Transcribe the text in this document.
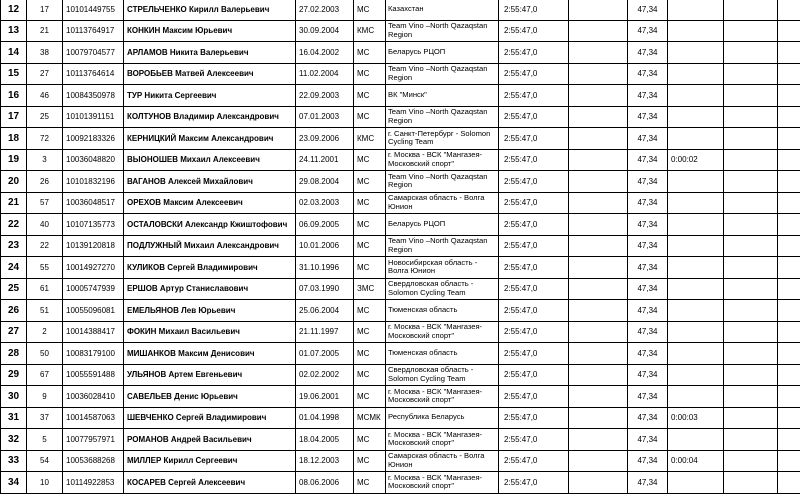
12	17	10101449755	СТРЕЛЬЧЕНКО Кирилл Валерьевич	27.02.2003	МС	Казахстан	2:55:47,0		47,34			
13	21	10113764917	КОНКИН Максим Юрьевич	30.09.2004	КМС	Team Vino –North Qazaqstan Region	2:55:47,0		47,34			
14	38	10079704577	АРЛАМОВ Никита Валерьевич	16.04.2002	МС	Беларусь РЦОП	2:55:47,0		47,34			
15	27	10113764614	ВОРОБЬЕВ Матвей Алексеевич	11.02.2004	МС	Team Vino –North Qazaqstan Region	2:55:47,0		47,34			
16	46	10084350978	ТУР Никита Сергеевич	22.09.2003	МС	ВК "Минск"	2:55:47,0		47,34			
17	25	10101391151	КОЛТУНОВ Владимир Александрович	07.01.2003	МС	Team Vino –North Qazaqstan Region	2:55:47,0		47,34			
18	72	10092183326	КЕРНИЦКИЙ Максим Александрович	23.09.2006	КМС	г. Санкт-Петербург - Solomon Cycling Team	2:55:47,0		47,34			
19	3	10036048820	ВЫОНОШЕВ Михаил Алексеевич	24.11.2001	МС	г. Москва - ВСК "Мангазея-Московский спорт"	2:55:47,0		47,34	0:00:02		
20	26	10101832196	ВАГАНОВ Алексей Михайлович	29.08.2004	МС	Team Vino –North Qazaqstan Region	2:55:47,0		47,34			
21	57	10036048517	ОРЕХОВ Максим Алексеевич	02.03.2003	МС	Самарская область - Волга Юнион	2:55:47,0		47,34			
22	40	10107135773	ОСТАЛОВСКИ Александр Кжиштофович	06.09.2005	МС	Беларусь РЦОП	2:55:47,0		47,34			
23	22	10139120818	ПОДЛУЖНЫЙ Михаил Александрович	10.01.2006	МС	Team Vino –North Qazaqstan Region	2:55:47,0		47,34			
24	55	10014927270	КУЛИКОВ Сергей Владимирович	31.10.1996	МС	Новосибирская область - Волга Юнион	2:55:47,0		47,34			
25	61	10005747939	ЕРШОВ Артур Станиславович	07.03.1990	ЗМС	Свердловская область - Solomon Cycling Team	2:55:47,0		47,34			
26	51	10055096081	ЕМЕЛЬЯНОВ Лев Юрьевич	25.06.2004	МС	Тюменская область	2:55:47,0		47,34			
27	2	10014388417	ФОКИН Михаил Васильевич	21.11.1997	МС	г. Москва - ВСК "Мангазея-Московский спорт"	2:55:47,0		47,34			
28	50	10083179100	МИШАНКОВ Максим Денисович	01.07.2005	МС	Тюменская область	2:55:47,0		47,34			
29	67	10055591488	УЛЬЯНОВ Артем Евгеньевич	02.02.2002	МС	Свердловская область - Solomon Cycling Team	2:55:47,0		47,34			
30	9	10036028410	САВЕЛЬЕВ Денис Юрьевич	19.06.2001	МС	г. Москва - ВСК "Мангазея-Московский спорт"	2:55:47,0		47,34			
31	37	10014587063	ШЕВЧЕНКО Сергей Владимирович	01.04.1998	МСМК	Республика Беларусь	2:55:47,0		47,34	0:00:03		
32	5	10077957971	РОМАНОВ Андрей Васильевич	18.04.2005	МС	г. Москва - ВСК "Мангазея-Московский спорт"	2:55:47,0		47,34			
33	54	10053688268	МИЛЛЕР Кирилл Сергеевич	18.12.2003	МС	Самарская область - Волга Юнион	2:55:47,0		47,34	0:00:04		
34	10	10114922853	КОСАРЕВ Сергей Алексеевич	08.06.2006	МС	г. Москва - ВСК "Мангазея-Московский спорт"	2:55:47,0		47,34			
